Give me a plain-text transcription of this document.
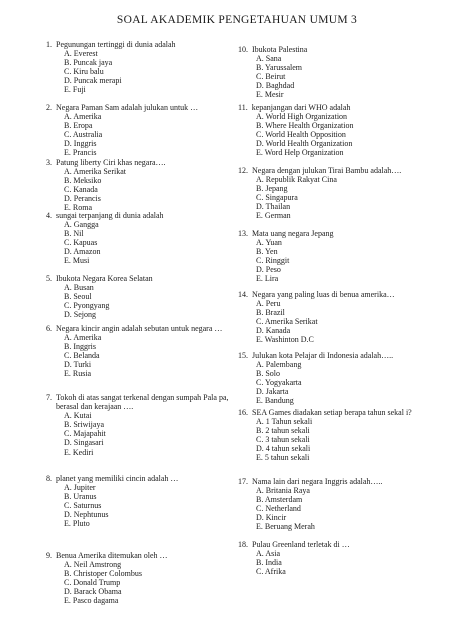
SOAL AKADEMIK PENGETAHUAN UMUM 3
1. Pegunungan tertinggi di dunia adalah
A. Everest
B. Puncak jaya
C. Kiru balu
D. Puncak merapi
E. Fuji
2. Negara Paman Sam adalah julukan untuk …
A. Amerika
B. Eropa
C. Australia
D. Inggris
E. Prancis
3. Patung liberty Ciri khas negara….
A. Amerika Serikat
B. Meksiko
C. Kanada
D. Perancis
E. Roma
4. sungai terpanjang di dunia adalah
A. Gangga
B. Nil
C. Kapuas
D. Amazon
E. Musi
5. Ibukota Negara Korea Selatan
A. Busan
B. Seoul
C. Pyongyang
D. Sejong
6. Negara kincir angin adalah sebutan untuk negara …
A. Amerika
B. Inggris
C. Belanda
D. Turki
E. Rusia
7. Tokoh di atas sangat terkenal dengan sumpah Pala pa, berasal dan kerajaan ….
A. Kutai
B. Sriwijaya
C. Majapahit
D. Singasari
E. Kediri
8. planet yang memiliki cincin adalah …
A. Jupiter
B. Uranus
C. Saturnus
D. Nephtunus
E. Pluto
9. Benua Amerika ditemukan oleh …
A. Neil Amstrong
B. Christoper Colombus
C. Donald Trump
D. Barack Obama
E. Pasco dagama
10. Ibukota Palestina
A. Sana
B. Yarussalem
C. Beirut
D. Baghdad
E. Mesir
11. kepanjangan dari WHO adalah
A. World High Organization
B. Where Health Organization
C. World Health Opposition
D. World Health Organization
E. Word Help Organization
12. Negara dengan julukan Tirai Bambu adalah….
A. Republik Rakyat Cina
B. Jepang
C. Singapura
D. Thailan
E. German
13. Mata uang negara Jepang
A. Yuan
B. Yen
C. Ringgit
D. Peso
E. Lira
14. Negara yang paling luas di benua amerika…
A. Peru
B. Brazil
C. Amerika Serikat
D. Kanada
E. Washinton D.C
15. Julukan kota Pelajar di Indonesia adalah…..
A. Palembang
B. Solo
C. Yogyakarta
D. Jakarta
E. Bandung
16. SEA Games diadakan setiap berapa tahun sekal i?
A. 1 Tahun sekali
B. 2 tahun sekali
C. 3 tahun sekali
D. 4 tahun sekali
E. 5 tahun sekali
17. Nama lain dari negara Inggris adalah…..
A. Britania Raya
B. Amsterdam
C. Netherland
D. Kincir
E. Beruang Merah
18. Pulau Greenland terletak di …
A. Asia
B. India
C. Afrika
